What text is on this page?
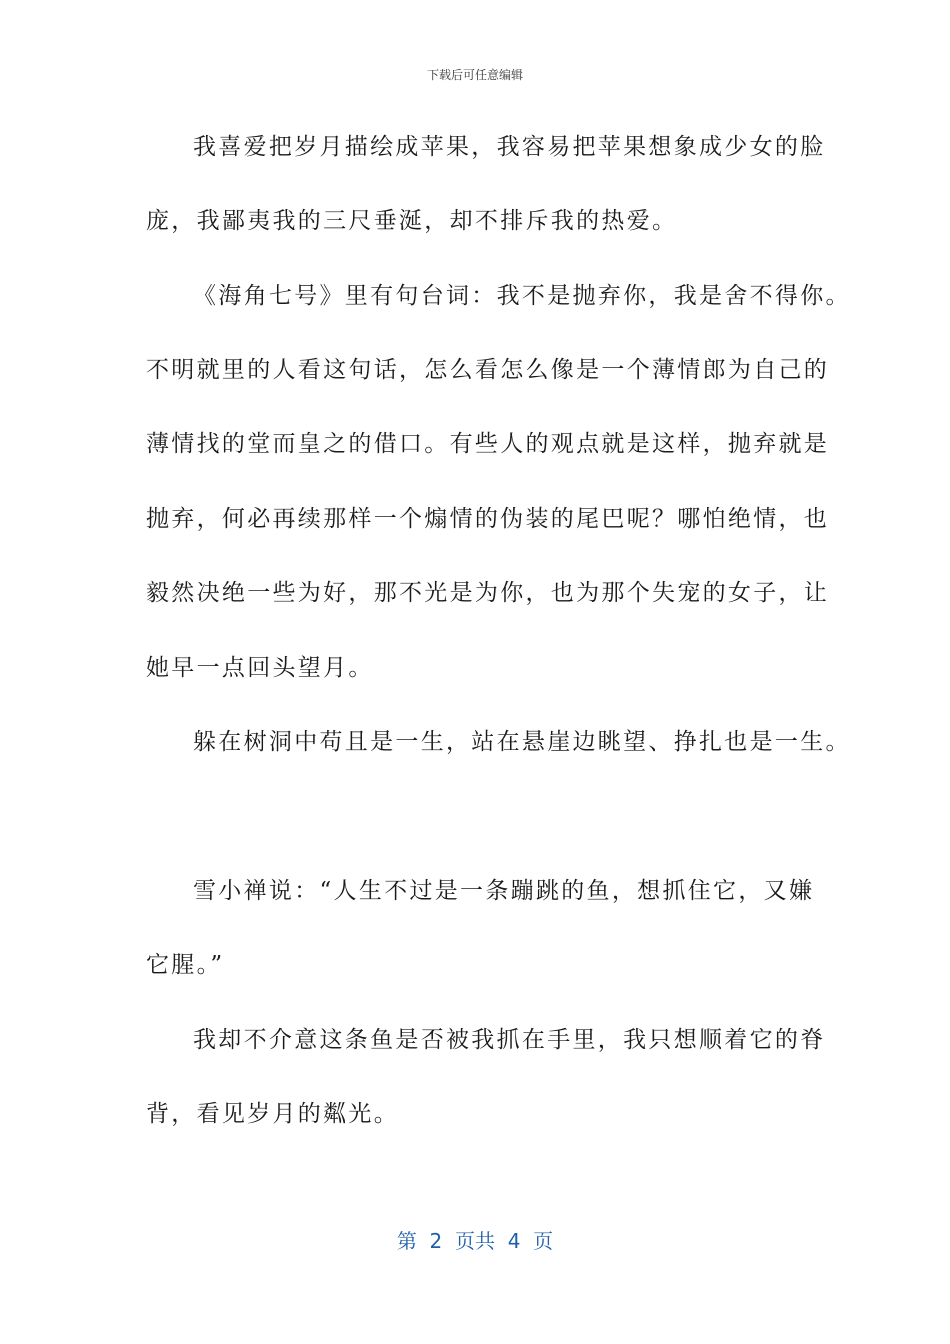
下载后可任意编辑
我喜爱把岁月描绘成苹果，我容易把苹果想象成少女的脸
庞，我鄙夷我的三尺垂涎，却不排斥我的热爱。
《海角七号》里有句台词：我不是抛弃你，我是舍不得你。
不明就里的人看这句话，怎么看怎么像是一个薄情郎为自己的
薄情找的堂而皇之的借口。有些人的观点就是这样，抛弃就是
抛弃，何必再续那样一个煽情的伪装的尾巴呢？哪怕绝情，也
毅然决绝一些为好，那不光是为你，也为那个失宠的女子，让
她早一点回头望月。
躲在树洞中苟且是一生，站在悬崖边眺望、挣扎也是一生。
雪小禅说：“人生不过是一条蹦跳的鱼，想抓住它，又嫌
它腥。”
我却不介意这条鱼是否被我抓在手里，我只想顺着它的脊
背，看见岁月的粼光。
第  2  页共  4  页
